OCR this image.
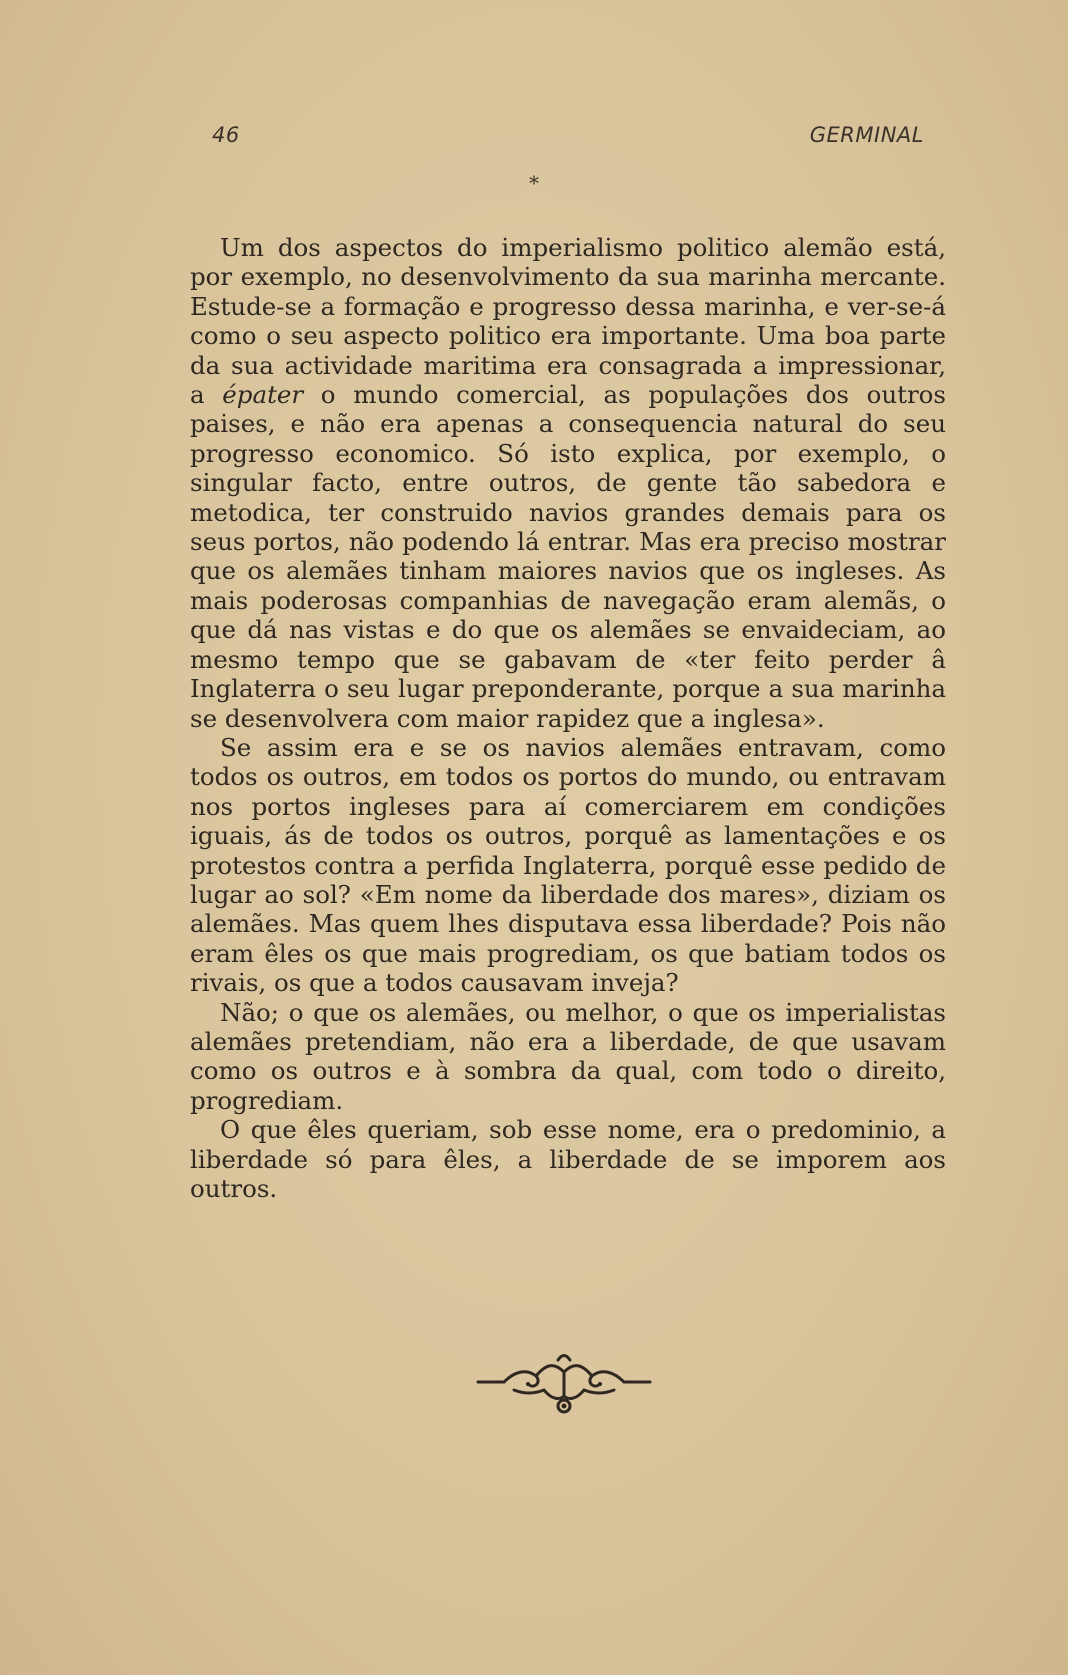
46	GERMINAL
*

Um dos aspectos do imperialismo politico alemão está, por exemplo, no desenvolvimento da sua marinha mercante. Estude-se a formação e progresso dessa marinha, e ver-se-á como o seu aspecto politico era importante. Uma boa parte da sua actividade maritima era consagrada a impressionar, a épater o mundo comercial, as populações dos outros paises, e não era apenas a consequencia natural do seu progresso economico. Só isto explica, por exemplo, o singular facto, entre outros, de gente tão sabedora e metodica, ter construido navios grandes demais para os seus portos, não podendo lá entrar. Mas era preciso mostrar que os alemães tinham maiores navios que os ingleses. As mais poderosas companhias de navegação eram alemãs, o que dá nas vistas e do que os alemães se envaideciam, ao mesmo tempo que se gabavam de «ter feito perder â Inglaterra o seu lugar preponderante, porque a sua marinha se desenvolvera com maior rapidez que a inglesa».

Se assim era e se os navios alemães entravam, como todos os outros, em todos os portos do mundo, ou entravam nos portos ingleses para aí comerciarem em condições iguais, ás de todos os outros, porquê as lamentações e os protestos contra a perfida Inglaterra, porquê esse pedido de lugar ao sol? «Em nome da liberdade dos mares», diziam os alemães. Mas quem lhes disputava essa liberdade? Pois não eram êles os que mais progrediam, os que batiam todos os rivais, os que a todos causavam inveja?

Não; o que os alemães, ou melhor, o que os imperialistas alemães pretendiam, não era a liberdade, de que usavam como os outros e à sombra da qual, com todo o direito, progrediam.

O que êles queriam, sob esse nome, era o predominio, a liberdade só para êles, a liberdade de se imporem aos outros.
